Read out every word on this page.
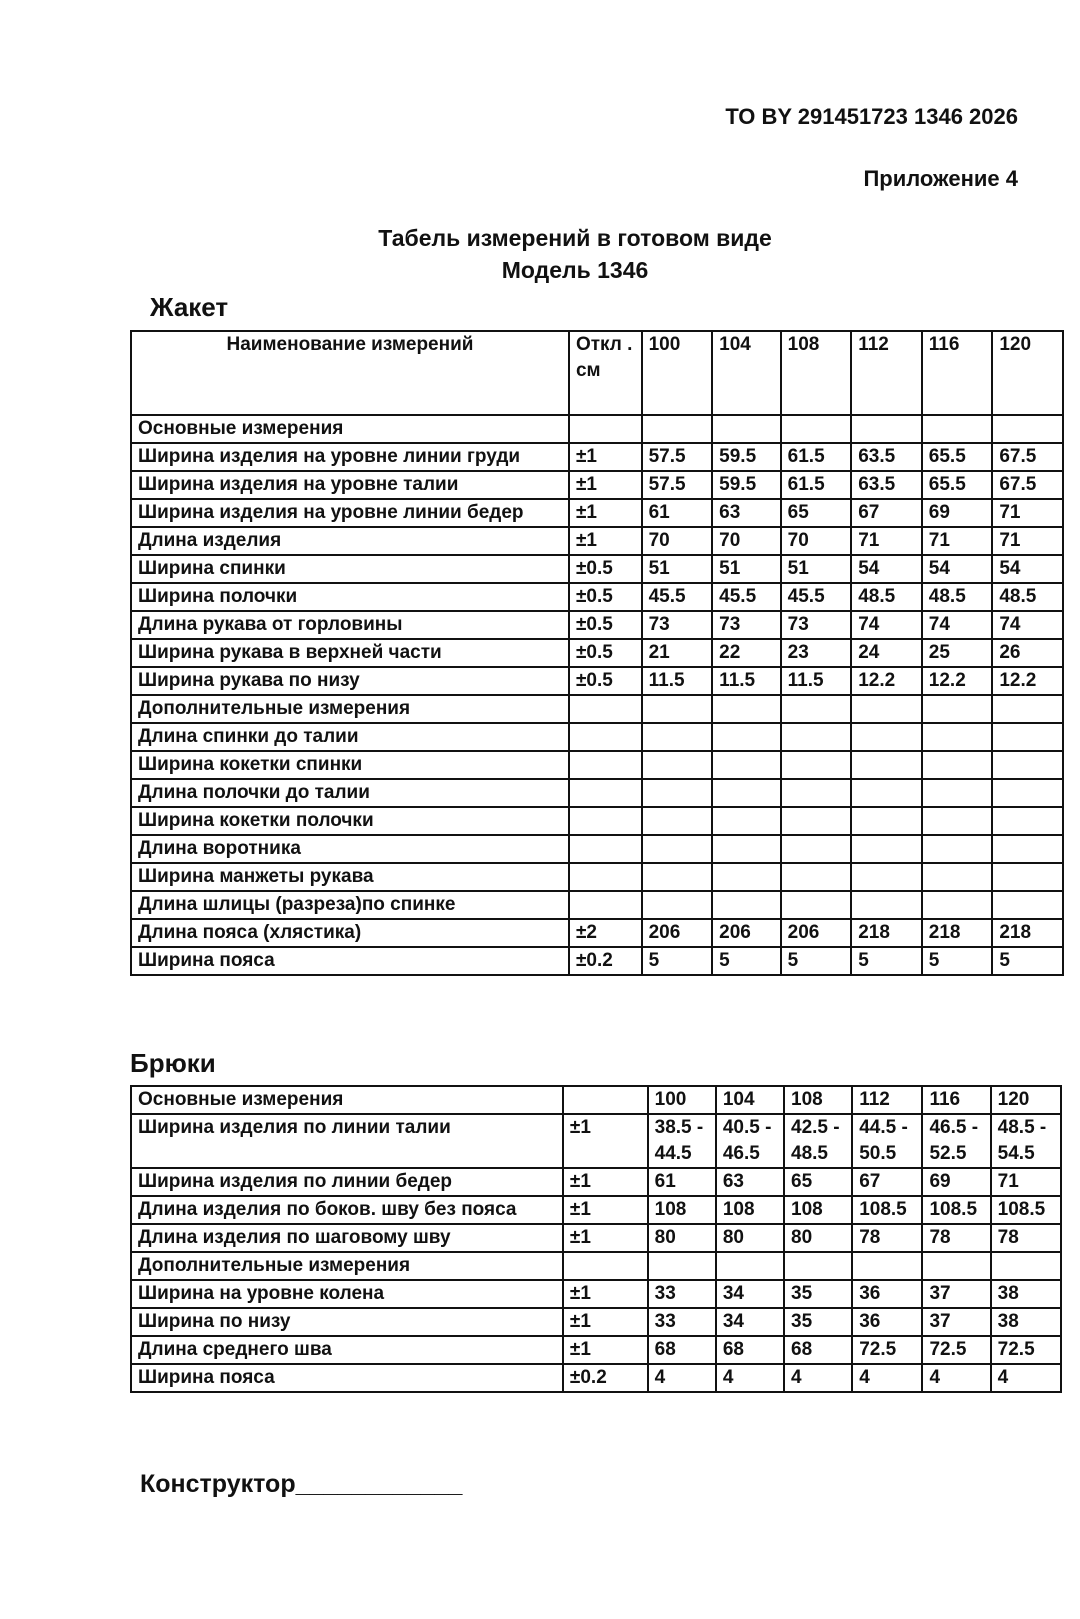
ТО BY 291451723 1346 2026
Приложение 4
Табель измерений в готовом виде
Модель 1346
Жакет
Наименование измерений	Откл . см	100	104	108	112	116	120
Основные измерения							
Ширина изделия на уровне линии груди	±1	57.5	59.5	61.5	63.5	65.5	67.5
Ширина изделия на уровне талии	±1	57.5	59.5	61.5	63.5	65.5	67.5
Ширина изделия на уровне линии бедер	±1	61	63	65	67	69	71
Длина изделия	±1	70	70	70	71	71	71
Ширина спинки	±0.5	51	51	51	54	54	54
Ширина полочки	±0.5	45.5	45.5	45.5	48.5	48.5	48.5
Длина рукава от горловины	±0.5	73	73	73	74	74	74
Ширина рукава в верхней части	±0.5	21	22	23	24	25	26
Ширина рукава по низу	±0.5	11.5	11.5	11.5	12.2	12.2	12.2
Дополнительные измерения							
Длина спинки до талии							
Ширина кокетки спинки							
Длина полочки до талии							
Ширина кокетки полочки							
Длина воротника							
Ширина манжеты рукава							
Длина шлицы (разреза)по спинке							
Длина пояса (хлястика)	±2	206	206	206	218	218	218
Ширина пояса	±0.2	5	5	5	5	5	5
Брюки
Основные измерения		100	104	108	112	116	120
Ширина изделия по линии талии	±1	38.5 - 44.5	40.5 - 46.5	42.5 - 48.5	44.5 - 50.5	46.5 - 52.5	48.5 - 54.5
Ширина изделия по линии бедер	±1	61	63	65	67	69	71
Длина изделия по боков. шву без пояса	±1	108	108	108	108.5	108.5	108.5
Длина изделия по шаговому шву	±1	80	80	80	78	78	78
Дополнительные измерения							
Ширина на уровне колена	±1	33	34	35	36	37	38
Ширина по низу	±1	33	34	35	36	37	38
Длина среднего шва	±1	68	68	68	72.5	72.5	72.5
Ширина пояса	±0.2	4	4	4	4	4	4
Конструктор____________
